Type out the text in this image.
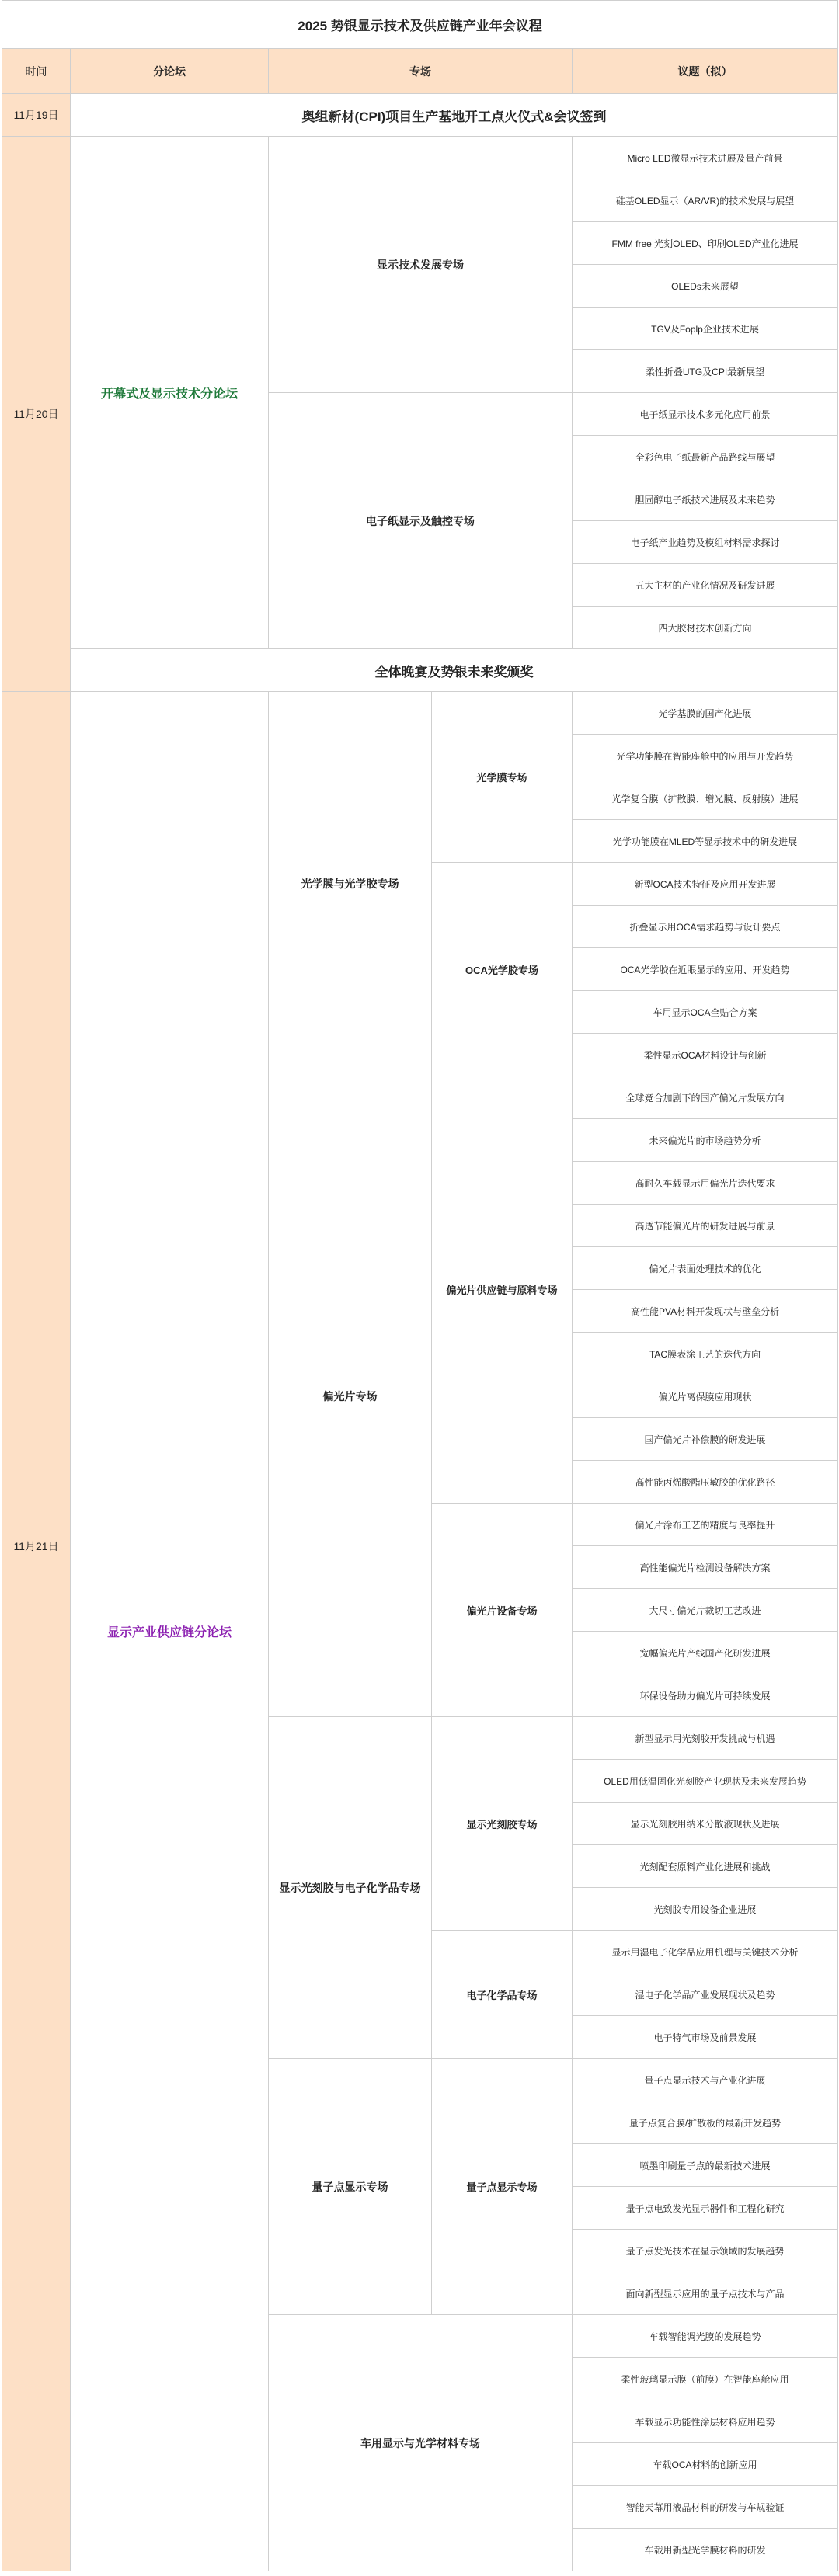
2025 势银显示技术及供应链产业年会议程				
时间	分论坛	专场		议题（拟）
11月19日	奥组新材(CPI)项目生产基地开工点火仪式&会议签到			
11月20日	开幕式及显示技术分论坛	显示技术发展专场		Micro LED微显示技术进展及量产前景
				硅基OLED显示（AR/VR)的技术发展与展望
				FMM free 光刻OLED、印刷OLED产业化进展
				OLEDs未来展望
				TGV及Foplp企业技术进展
				柔性折叠UTG及CPI最新展望
		电子纸显示及触控专场		电子纸显示技术多元化应用前景
				全彩色电子纸最新产品路线与展望
				胆固醇电子纸技术进展及未来趋势
				电子纸产业趋势及模组材料需求探讨
				五大主材的产业化情况及研发进展
				四大胶材技术创新方向
	全体晚宴及势银未来奖颁奖			
11月21日	显示产业供应链分论坛	光学膜与光学胶专场	光学膜专场	光学基膜的国产化进展
				光学功能膜在智能座舱中的应用与开发趋势
				光学复合膜（扩散膜、增光膜、反射膜）进展
				光学功能膜在MLED等显示技术中的研发进展
			OCA光学胶专场	新型OCA技术特征及应用开发进展
				折叠显示用OCA需求趋势与设计要点
				OCA光学胶在近眼显示的应用、开发趋势
				车用显示OCA全贴合方案
				柔性显示OCA材料设计与创新
		偏光片专场	偏光片供应链与原料专场	全球竞合加剧下的国产偏光片发展方向
				未来偏光片的市场趋势分析
				高耐久车载显示用偏光片迭代要求
				高透节能偏光片的研发进展与前景
				偏光片表面处理技术的优化
				高性能PVA材料开发现状与壁垒分析
				TAC膜表涂工艺的迭代方向
				偏光片离保膜应用现状
				国产偏光片补偿膜的研发进展
				高性能丙烯酸酯压敏胶的优化路径
			偏光片设备专场	偏光片涂布工艺的精度与良率提升
				高性能偏光片检测设备解决方案
				大尺寸偏光片裁切工艺改进
				宽幅偏光片产线国产化研发进展
				环保设备助力偏光片可持续发展
		显示光刻胶与电子化学品专场	显示光刻胶专场	新型显示用光刻胶开发挑战与机遇
				OLED用低温固化光刻胶产业现状及未来发展趋势
				显示光刻胶用纳米分散液现状及进展
				光刻配套原料产业化进展和挑战
				光刻胶专用设备企业进展
			电子化学品专场	显示用湿电子化学品应用机理与关键技术分析
				湿电子化学品产业发展现状及趋势
				电子特气市场及前景发展
		量子点显示专场	量子点显示专场	量子点显示技术与产业化进展
				量子点复合膜/扩散板的最新开发趋势
				喷墨印刷量子点的最新技术进展
				量子点电致发光显示器件和工程化研究
				量子点发光技术在显示领域的发展趋势
				面向新型显示应用的量子点技术与产品
		车用显示与光学材料专场		车载智能调光膜的发展趋势
				柔性玻璃显示膜（前膜）在智能座舱应用
				车载显示功能性涂层材料应用趋势
				车载OCA材料的创新应用
				智能天幕用液晶材料的研发与车规验证
				车载用新型光学膜材料的研发
